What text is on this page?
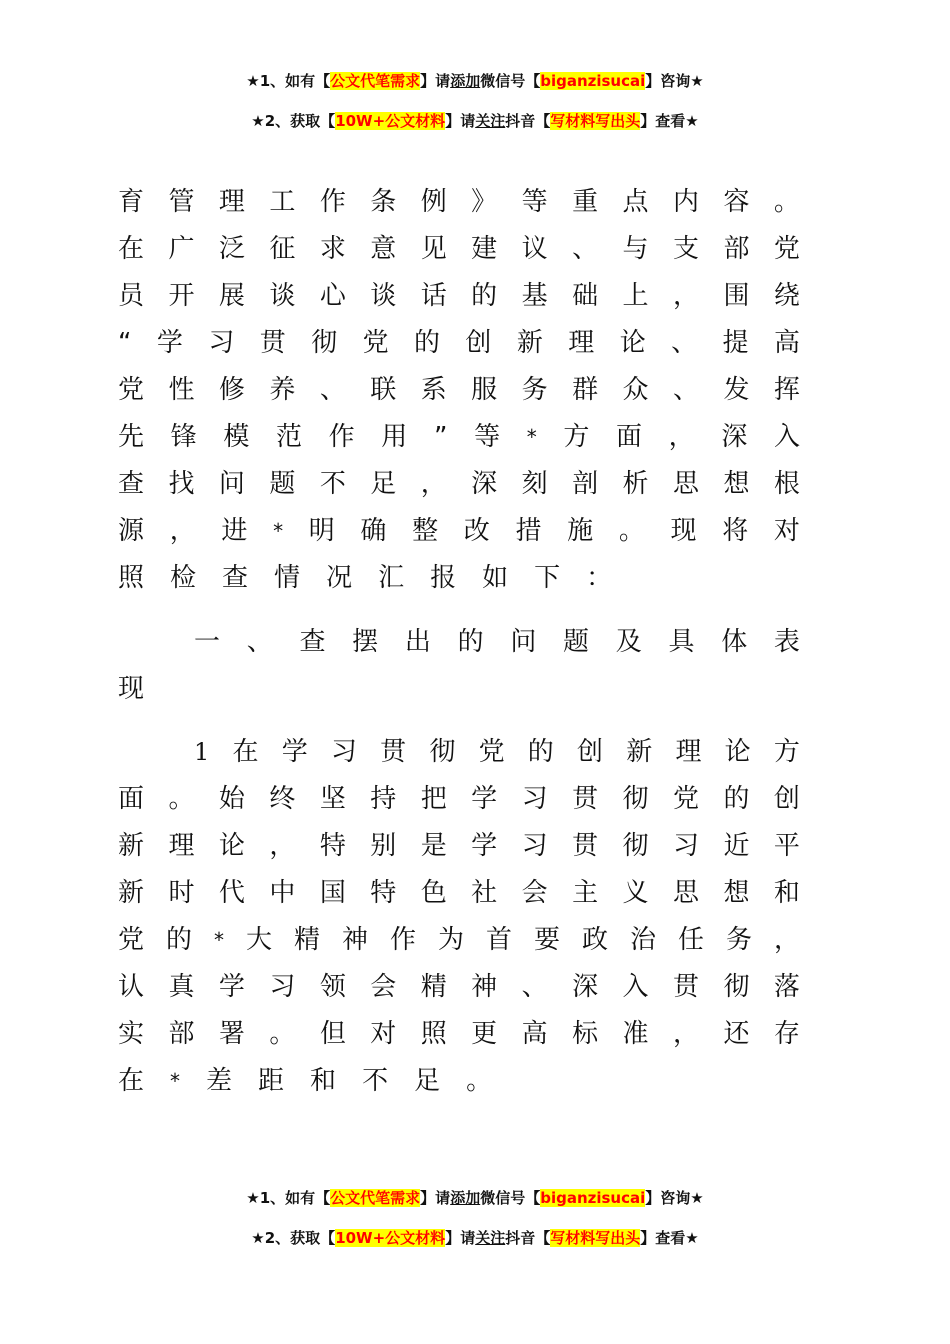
★1、如有【公文代笔需求】请添加微信号【biganzisucai】咨询★
★2、获取【10W+公文材料】请关注抖音【写材料写出头】查看★
育 管 理 工 作 条 例 》 等 重 点 内 容 。
在 广 泛 征 求 意 见 建 议 、 与 支 部 党
员 开 展 谈 心 谈 话 的 基 础 上 ， 围 绕
“ 学 习 贯 彻 党 的 创 新 理 论 、 提 高
党 性 修 养 、 联 系 服 务 群 众 、 发 挥
先 锋 模 范 作 用 ” 等 * 方 面 ， 深 入
查 找 问 题 不 足 ， 深 刻 剖 析 思 想 根
源 ， 进 * 明 确 整 改 措 施 。 现 将 对
照 检 查 情 况 汇 报 如 下 ：
一 、 查 摆 出 的 问 题 及 具 体 表
现
1 在 学 习 贯 彻 党 的 创 新 理 论 方
面 。 始 终 坚 持 把 学 习 贯 彻 党 的 创
新 理 论 ， 特 别 是 学 习 贯 彻 习 近 平
新 时 代 中 国 特 色 社 会 主 义 思 想 和
党 的 * 大 精 神 作 为 首 要 政 治 任 务 ，
认 真 学 习 领 会 精 神 、 深 入 贯 彻 落
实 部 署 。 但 对 照 更 高 标 准 ， 还 存
在 * 差 距 和 不 足 。
★1、如有【公文代笔需求】请添加微信号【biganzisucai】咨询★
★2、获取【10W+公文材料】请关注抖音【写材料写出头】查看★
